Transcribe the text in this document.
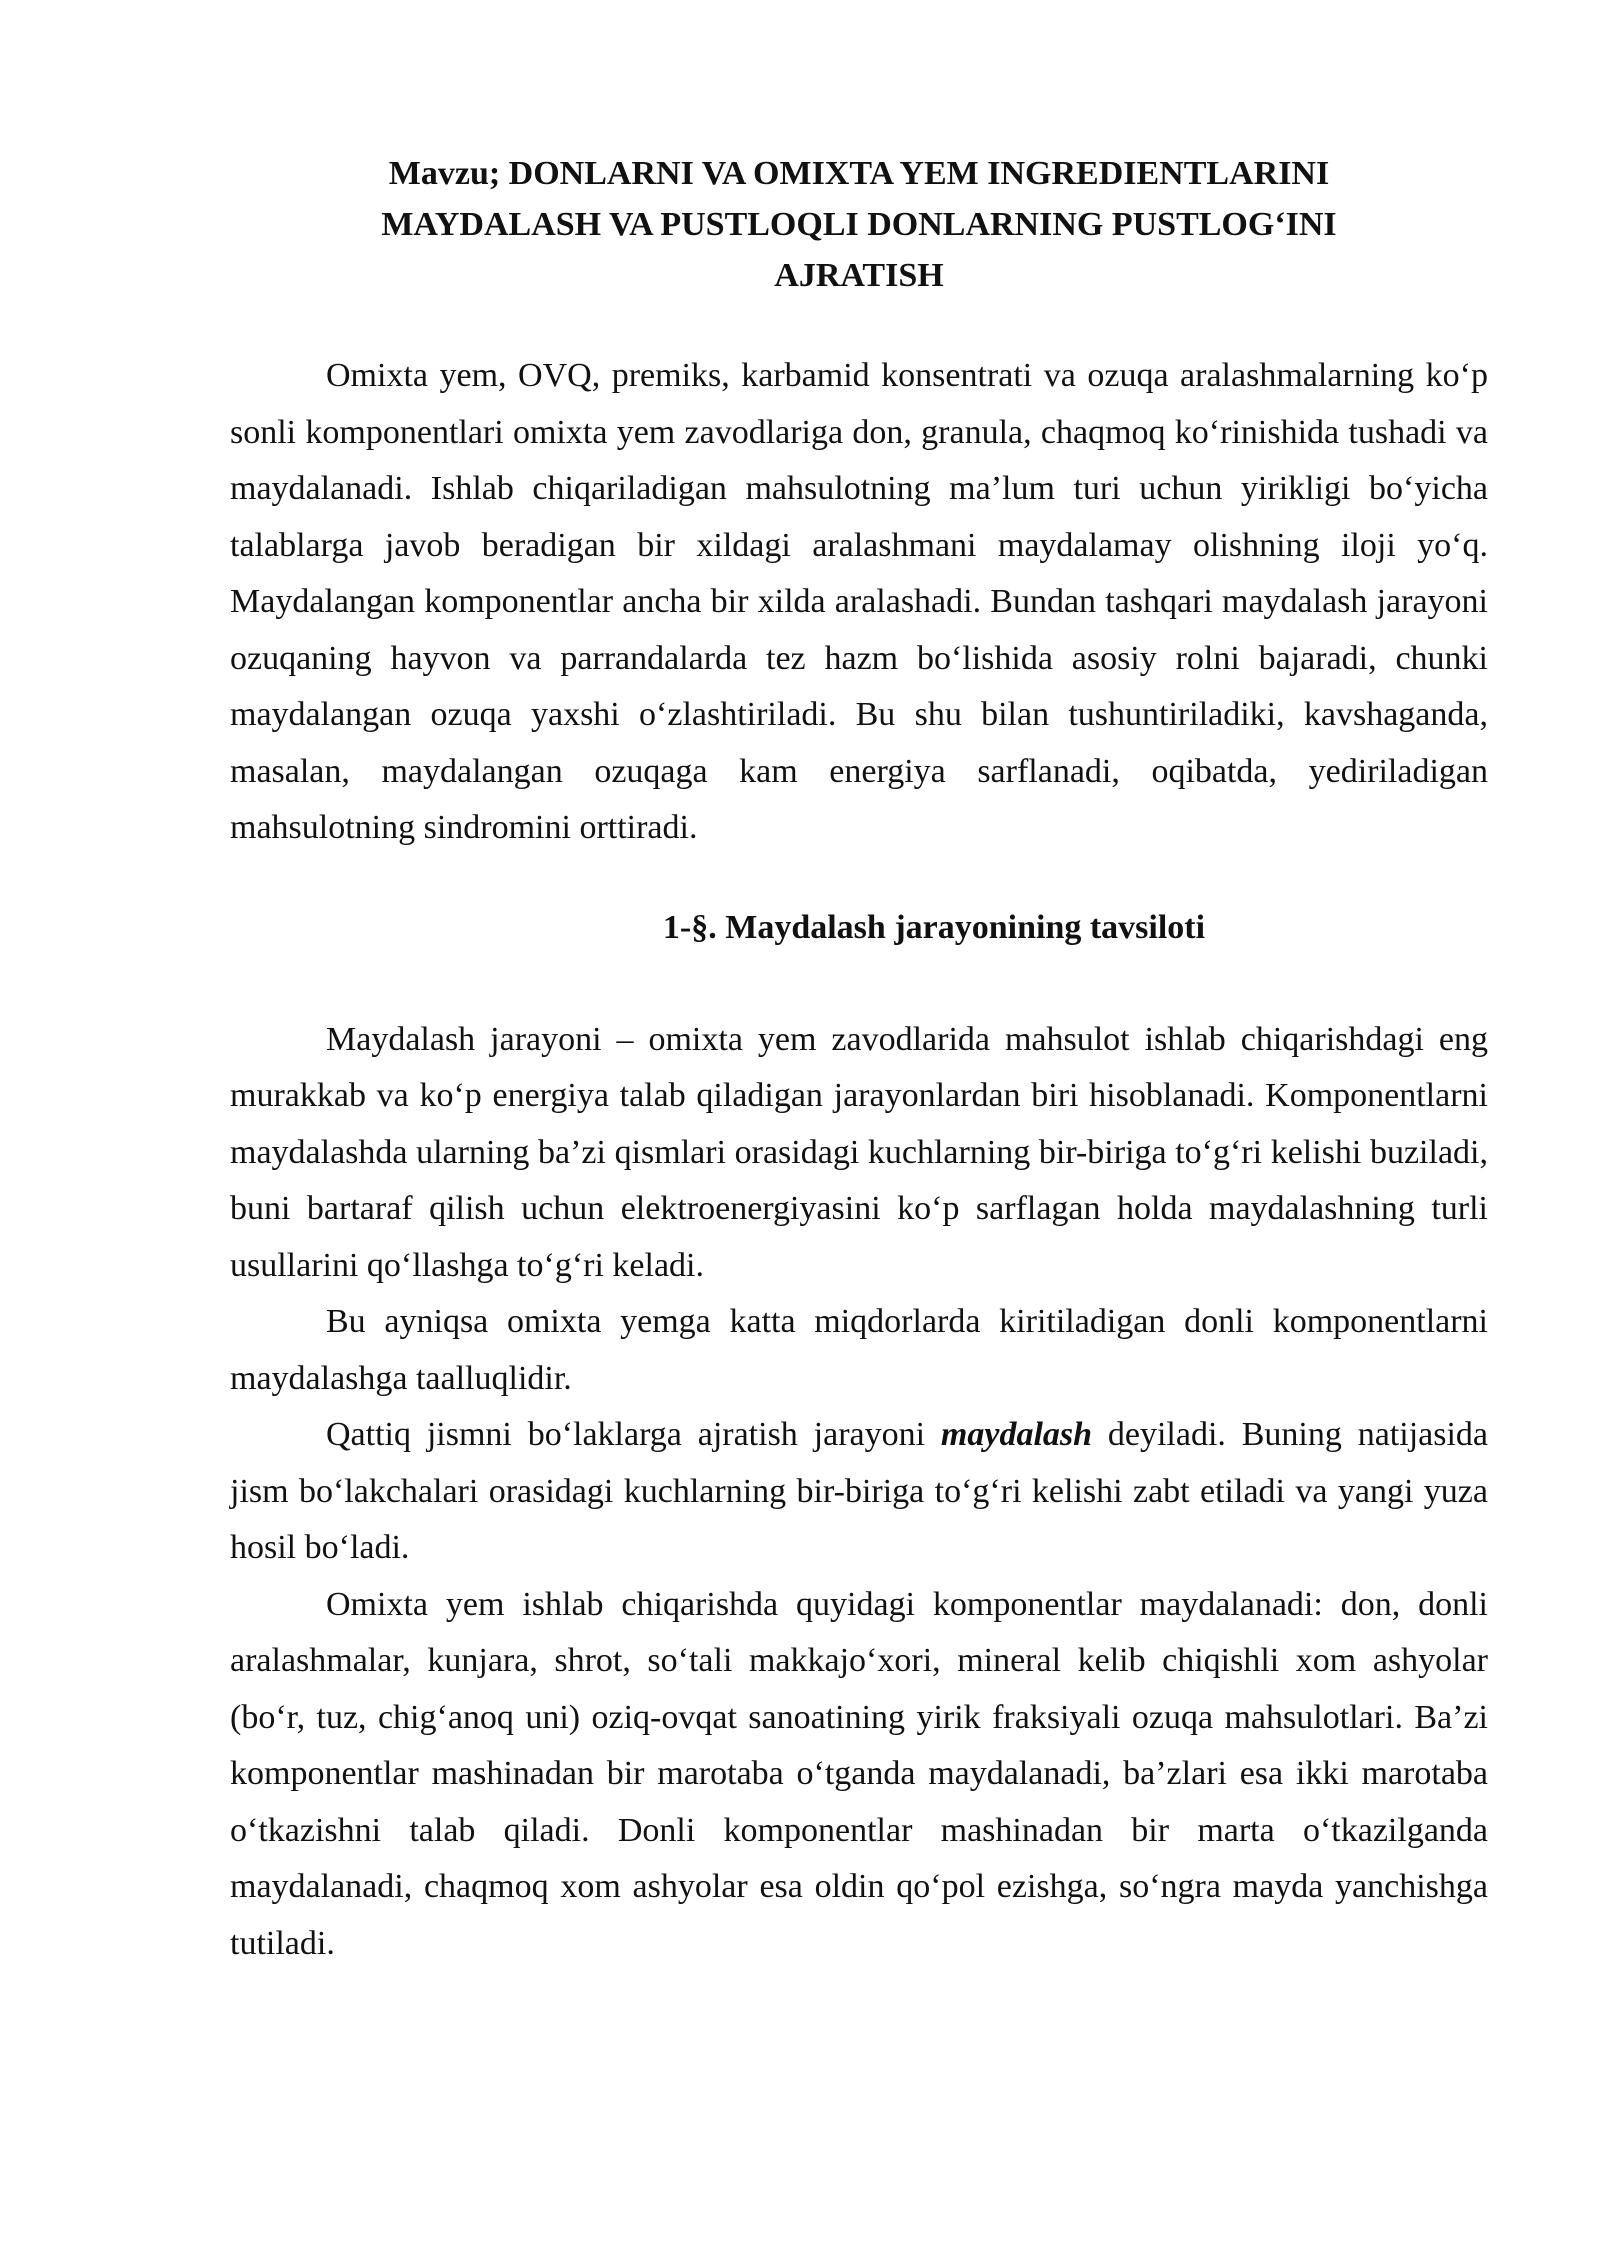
Mavzu; DONLARNI VA OMIXTA YEM INGREDIENTLARINI
MAYDALASH VA PUSTLOQLI DONLARNING PUSTLOG‘INI
AJRATISH

Omixta yem, OVQ, premiks, karbamid konsentrati va ozuqa aralashmalarning ko‘p sonli komponentlari omixta yem zavodlariga don, granula, chaqmoq ko‘rinishida tushadi va maydalanadi. Ishlab chiqariladigan mahsulotning ma’lum turi uchun yirikligi bo‘yicha talablarga javob beradigan bir xildagi aralashmani maydalamay olishning iloji yo‘q. Maydalangan komponentlar ancha bir xilda aralashadi. Bundan tashqari maydalash jarayoni ozuqaning hayvon va parrandalarda tez hazm bo‘lishida asosiy rolni bajaradi, chunki maydalangan ozuqa yaxshi o‘zlashtiriladi. Bu shu bilan tushuntiriladiki, kavshaganda, masalan, maydalangan ozuqaga kam energiya sarflanadi, oqibatda, yediriladigan mahsulotning sindromini orttiradi.

1-§. Maydalash jarayonining tavsiloti

Maydalash jarayoni – omixta yem zavodlarida mahsulot ishlab chiqarishdagi eng murakkab va ko‘p energiya talab qiladigan jarayonlardan biri hisoblanadi. Komponentlarni maydalashda ularning ba’zi qismlari orasidagi kuchlarning bir-biriga to‘g‘ri kelishi buziladi, buni bartaraf qilish uchun elektroenergiyasini ko‘p sarflagan holda maydalashning turli usullarini qo‘llashga to‘g‘ri keladi.

Bu ayniqsa omixta yemga katta miqdorlarda kiritiladigan donli komponentlarni maydalashga taalluqlidir.

Qattiq jismni bo‘laklarga ajratish jarayoni maydalash deyiladi. Buning natijasida jism bo‘lakchalari orasidagi kuchlarning bir-biriga to‘g‘ri kelishi zabt etiladi va yangi yuza hosil bo‘ladi.

Omixta yem ishlab chiqarishda quyidagi komponentlar maydalanadi: don, donli aralashmalar, kunjara, shrot, so‘tali makkajo‘xori, mineral kelib chiqishli xom ashyolar (bo‘r, tuz, chig‘anoq uni) oziq-ovqat sanoatining yirik fraksiyali ozuqa mahsulotlari. Ba’zi komponentlar mashinadan bir marotaba o‘tganda maydalanadi, ba’zlari esa ikki marotaba o‘tkazishni talab qiladi. Donli komponentlar mashinadan bir marta o‘tkazilganda maydalanadi, chaqmoq xom ashyolar esa oldin qo‘pol ezishga, so‘ngra mayda yanchishga tutiladi.
